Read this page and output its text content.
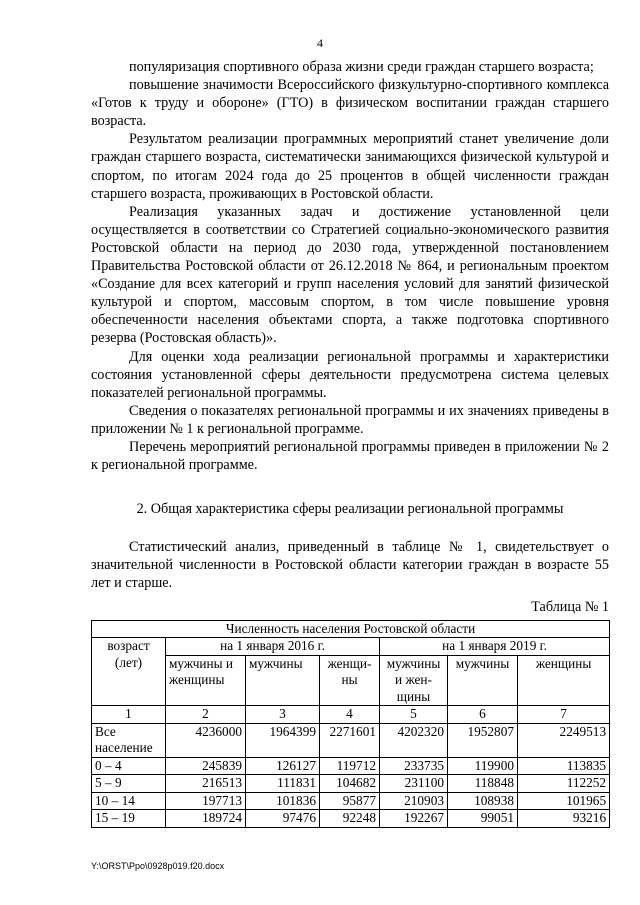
4

популяризация спортивного образа жизни среди граждан старшего возраста;

повышение значимости Всероссийского физкультурно-спортивного комплекса «Готов к труду и обороне» (ГТО) в физическом воспитании граждан старшего возраста.

Результатом реализации программных мероприятий станет увеличение доли граждан старшего возраста, систематически занимающихся физической культурой и спортом, по итогам 2024 года до 25 процентов в общей численности граждан старшего возраста, проживающих в Ростовской области.

Реализация указанных задач и достижение установленной цели осуществляется в соответствии со Стратегией социально-экономического развития Ростовской области на период до 2030 года, утвержденной постановлением Правительства Ростовской области от 26.12.2018 № 864, и региональным проектом «Создание для всех категорий и групп населения условий для занятий физической культурой и спортом, массовым спортом, в том числе повышение уровня обеспеченности населения объектами спорта, а также подготовка спортивного резерва (Ростовская область)».

Для оценки хода реализации региональной программы и характеристики состояния установленной сферы деятельности предусмотрена система целевых показателей региональной программы.

Сведения о показателях региональной программы и их значениях приведены в приложении № 1 к региональной программе.

Перечень мероприятий региональной программы приведен в приложении № 2 к региональной программе.

2. Общая характеристика сферы реализации региональной программы

Статистический анализ, приведенный в таблице № 1, свидетельствует о значительной численности в Ростовской области категории граждан в возрасте 55 лет и старше.

Таблица № 1
Численность населения Ростовской области						
возраст (лет)	на 1 января 2016 г.			на 1 января 2019 г.		
	мужчины и женщины	мужчины	женщи-ны	мужчины и жен-щины	мужчины	женщины
1	2	3	4	5	6	7
Все население	4236000	1964399	2271601	4202320	1952807	2249513
0 – 4	245839	126127	119712	233735	119900	113835
5 – 9	216513	111831	104682	231100	118848	112252
10 – 14	197713	101836	95877	210903	108938	101965
15 – 19	189724	97476	92248	192267	99051	93216
Y:\ORST\Ppo\0928p019.f20.docx
